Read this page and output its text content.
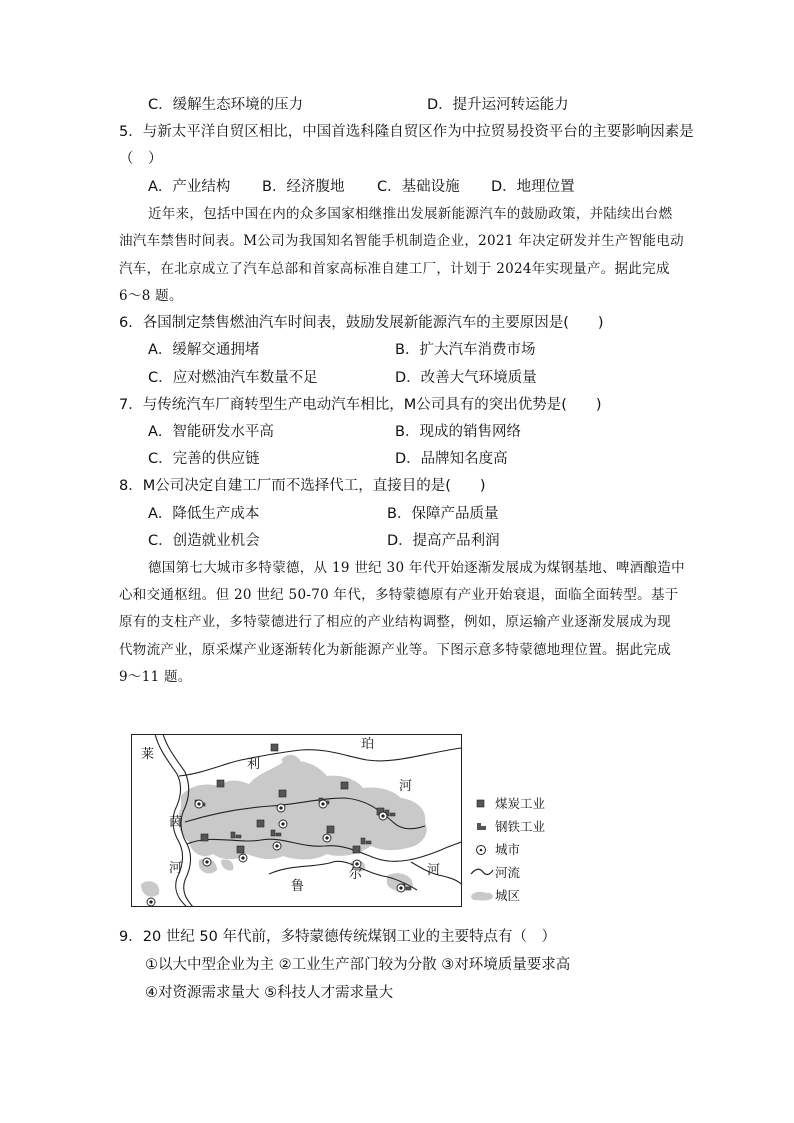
C．缓解生态环境的压力	D．提升运河转运能力
5．与新太平洋自贸区相比，中国首选科隆自贸区作为中拉贸易投资平台的主要影响因素是
（　）
A．产业结构 B．经济腹地 C．基础设施 D．地理位置
近年来，包括中国在内的众多国家相继推出发展新能源汽车的鼓励政策，并陆续出台燃
油汽车禁售时间表。M公司为我国知名智能手机制造企业，2021 年决定研发并生产智能电动
汽车，在北京成立了汽车总部和首家高标准自建工厂，计划于 2024年实现量产。据此完成
6～8 题。
6．各国制定禁售燃油汽车时间表，鼓励发展新能源汽车的主要原因是(　　)
A．缓解交通拥堵	B．扩大汽车消费市场
C．应对燃油汽车数量不足	D．改善大气环境质量
7．与传统汽车厂商转型生产电动汽车相比，M公司具有的突出优势是(　　)
A．智能研发水平高	B．现成的销售网络
C．完善的供应链	D．品牌知名度高
8．M公司决定自建工厂而不选择代工，直接目的是(　　)
A．降低生产成本	B．保障产品质量
C．创造就业机会	D．提高产品利润
德国第七大城市多特蒙德，从 19 世纪 30 年代开始逐渐发展成为煤钢基地、啤酒酿造中
心和交通枢纽。但 20 世纪 50-70 年代，多特蒙德原有产业开始衰退，面临全面转型。基于
原有的支柱产业，多特蒙德进行了相应的产业结构调整，例如，原运输产业逐渐发展成为现
代物流产业，原采煤产业逐渐转化为新能源产业等。下图示意多特蒙德地理位置。据此完成
9～11 题。
莱
茵
河
利
珀
河
鲁
尔	河
煤炭工业
钢铁工业
城市
河流
城区
9．20 世纪 50 年代前，多特蒙德传统煤钢工业的主要特点有（　）
①以大中型企业为主 ②工业生产部门较为分散 ③对环境质量要求高
④对资源需求量大 ⑤科技人才需求量大
